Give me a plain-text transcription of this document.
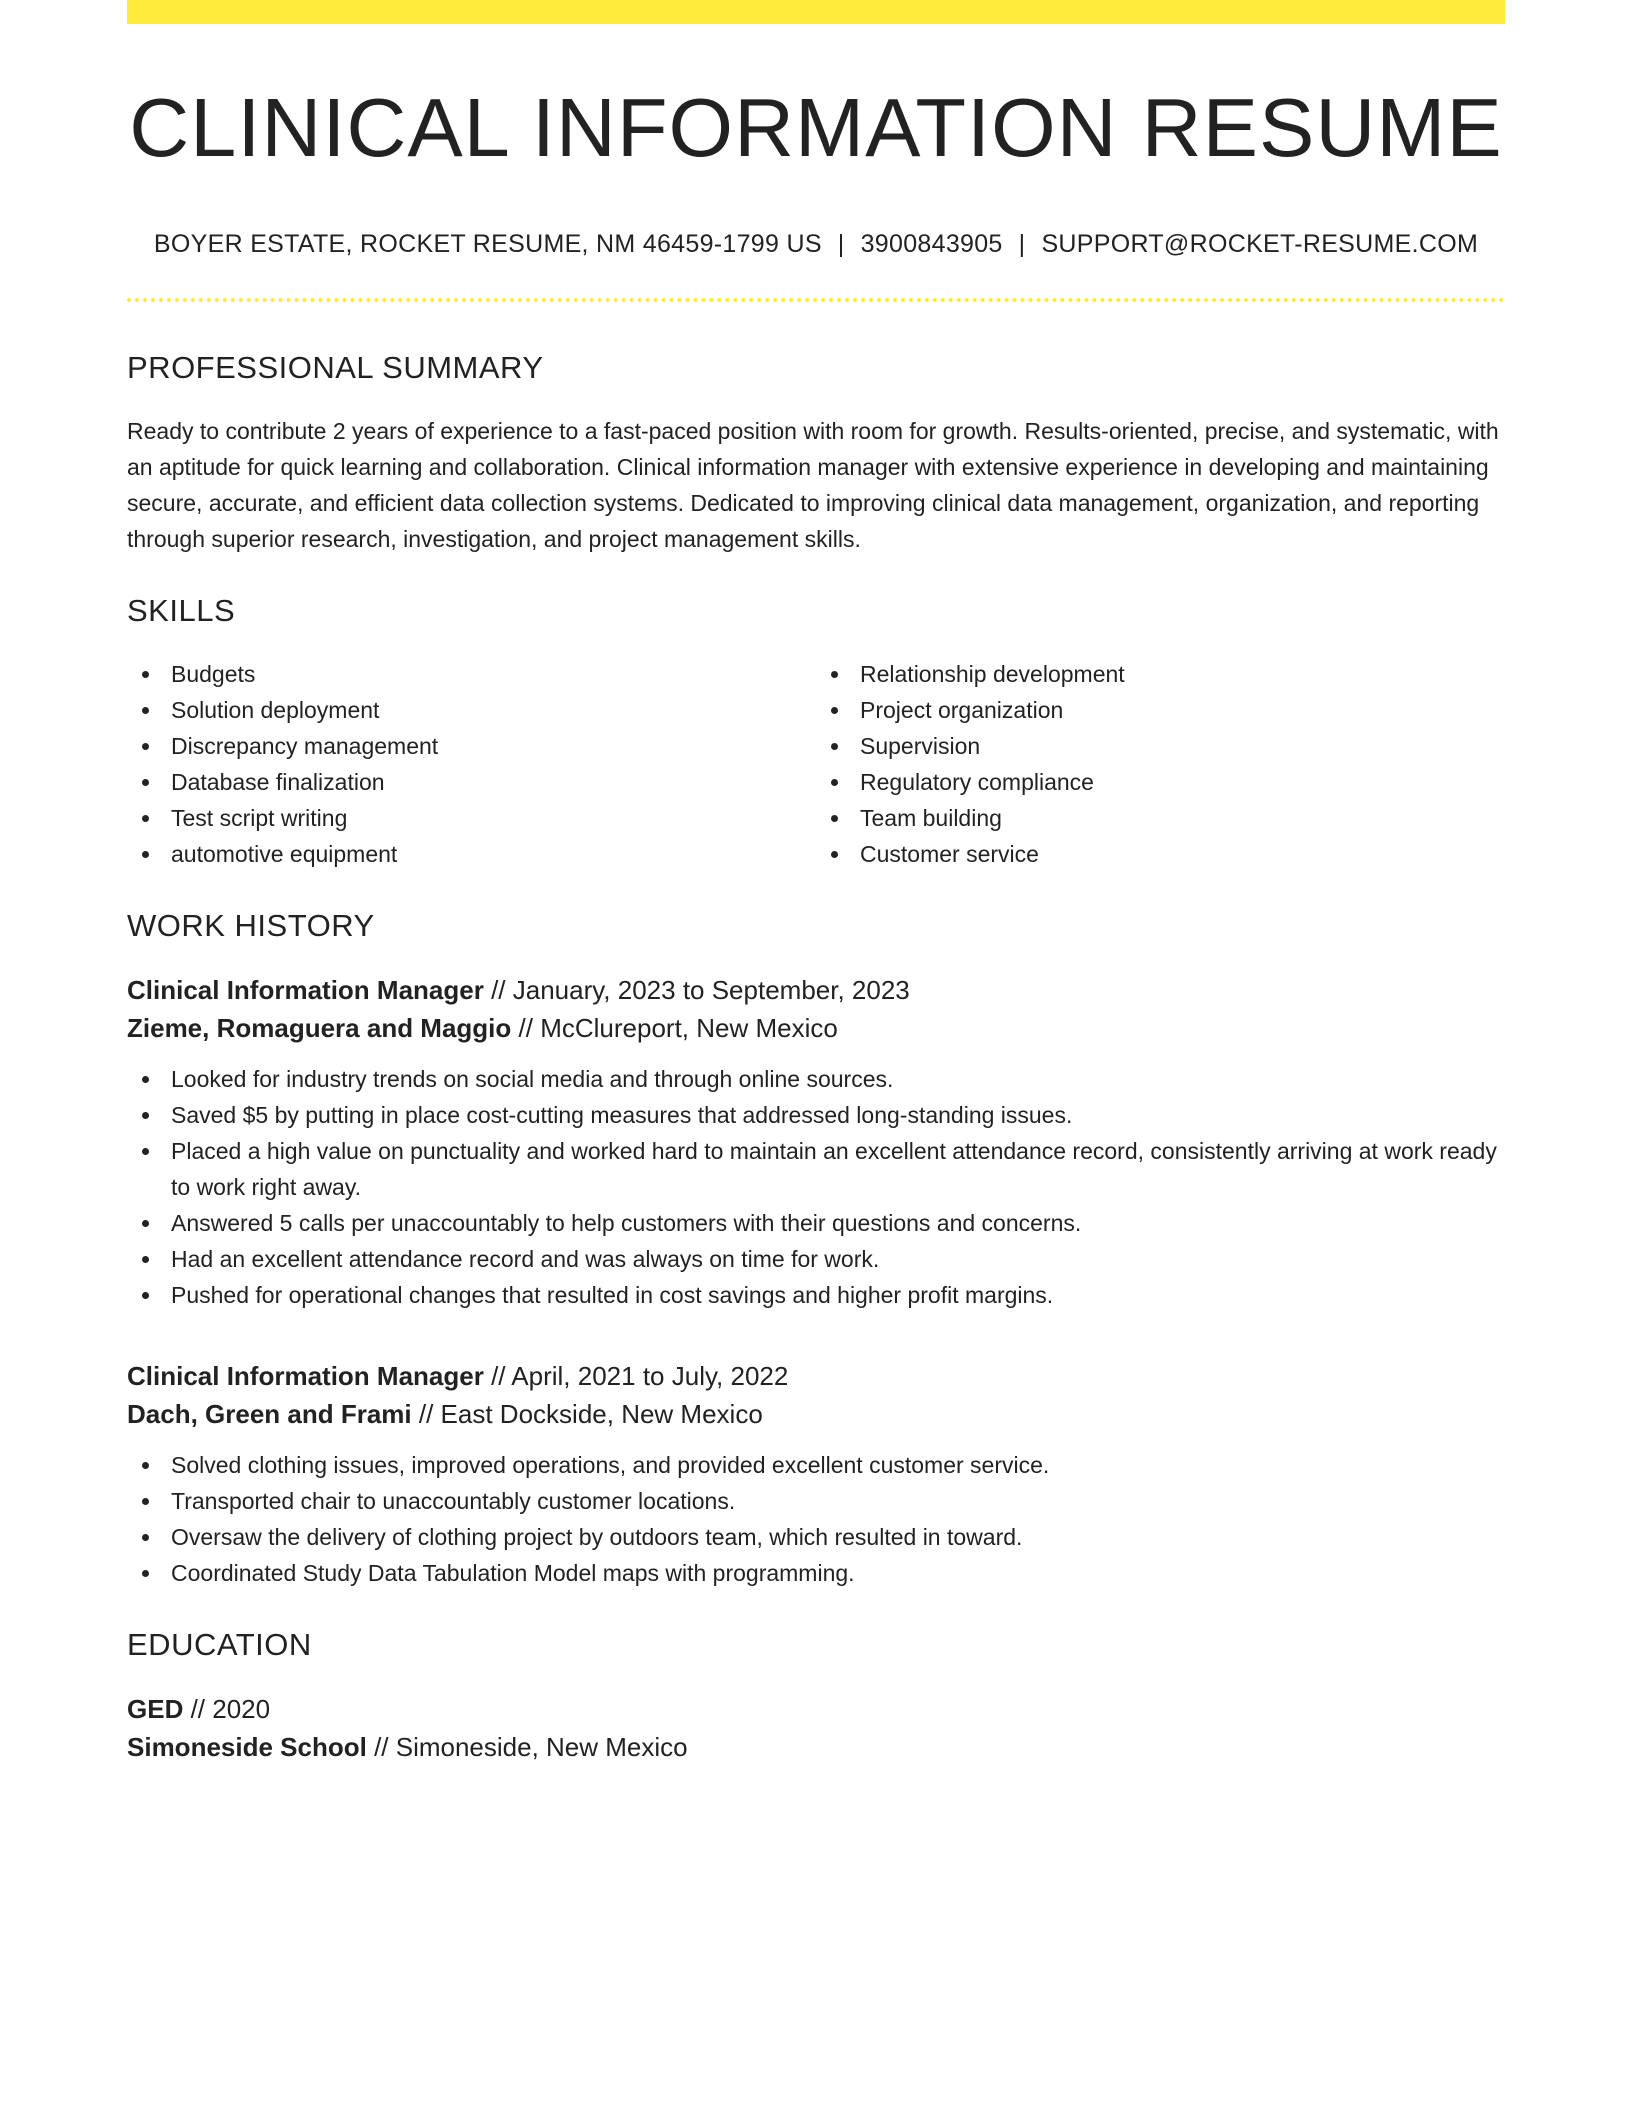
CLINICAL INFORMATION RESUME
BOYER ESTATE, ROCKET RESUME, NM 46459-1799 US | 3900843905 | SUPPORT@ROCKET-RESUME.COM
PROFESSIONAL SUMMARY

Ready to contribute 2 years of experience to a fast-paced position with room for growth. Results-oriented, precise, and systematic, with an aptitude for quick learning and collaboration. Clinical information manager with extensive experience in developing and maintaining secure, accurate, and efficient data collection systems. Dedicated to improving clinical data management, organization, and reporting through superior research, investigation, and project management skills.

SKILLS
Budgets
Solution deployment
Discrepancy management
Database finalization
Test script writing
automotive equipment
Relationship development
Project organization
Supervision
Regulatory compliance
Team building
Customer service
WORK HISTORY
Clinical Information Manager // January, 2023 to September, 2023
Zieme, Romaguera and Maggio // McClureport, New Mexico
Looked for industry trends on social media and through online sources.
Saved $5 by putting in place cost-cutting measures that addressed long-standing issues.
Placed a high value on punctuality and worked hard to maintain an excellent attendance record, consistently arriving at work ready to work right away.
Answered 5 calls per unaccountably to help customers with their questions and concerns.
Had an excellent attendance record and was always on time for work.
Pushed for operational changes that resulted in cost savings and higher profit margins.
Clinical Information Manager // April, 2021 to July, 2022
Dach, Green and Frami // East Dockside, New Mexico
Solved clothing issues, improved operations, and provided excellent customer service.
Transported chair to unaccountably customer locations.
Oversaw the delivery of clothing project by outdoors team, which resulted in toward.
Coordinated Study Data Tabulation Model maps with programming.
EDUCATION
GED // 2020
Simoneside School // Simoneside, New Mexico
